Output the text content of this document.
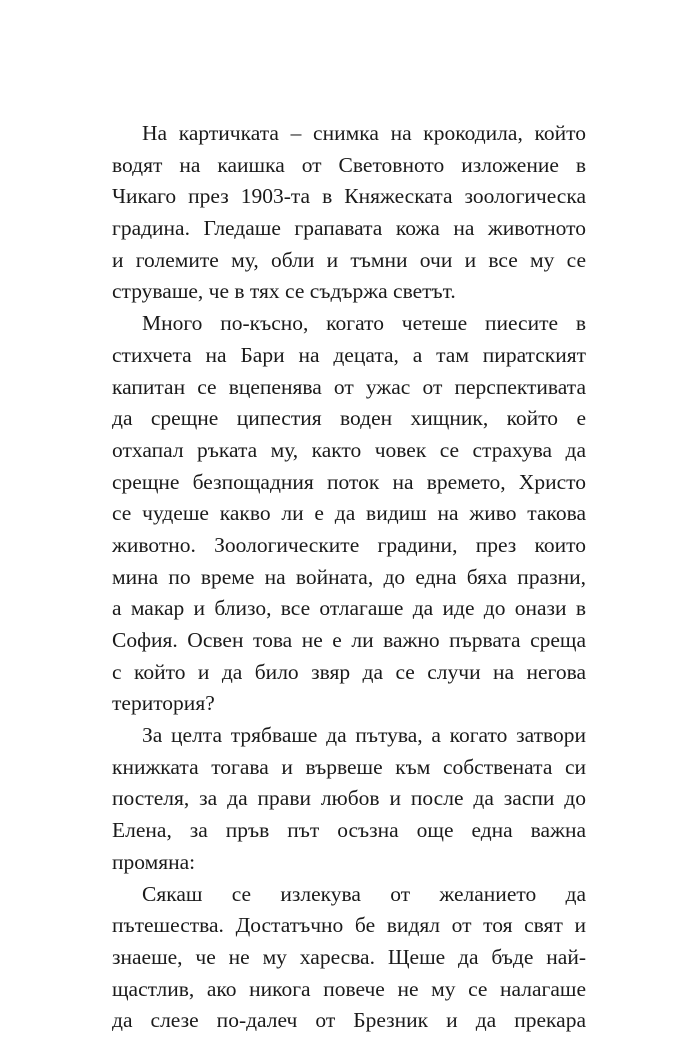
На картичката – снимка на крокодила, който
водят на каишка от Световното изложение в
Чикаго през 1903-та в Княжеската зоологическа
градина. Гледаше грапавата кожа на животното
и големите му, обли и тъмни очи и все му се
струваше, че в тях се съдържа светът.
Много по-късно, когато четеше пиесите в
стихчета на Бари на децата, а там пиратският
капитан се вцепенява от ужас от перспективата
да срещне ципестия воден хищник, който е
отхапал ръката му, както човек се страхува да
срещне безпощадния поток на времето, Христо
се чудеше какво ли е да видиш на живо такова
животно. Зоологическите градини, през които
мина по време на войната, до една бяха празни,
а макар и близо, все отлагаше да иде до онази в
София. Освен това не е ли важно първата среща
с който и да било звяр да се случи на негова
територия?
За целта трябваше да пътува, а когато затвори
книжката тогава и вървеше към собствената си
постеля, за да прави любов и после да заспи до
Елена, за пръв път осъзна още една важна
промяна:
Сякаш се излекува от желанието да
пътешества. Достатъчно бе видял от тоя свят и
знаеше, че не му харесва. Щеше да бъде най-
щастлив, ако никога повече не му се налагаше
да слезе по-далеч от Брезник и да прекара
